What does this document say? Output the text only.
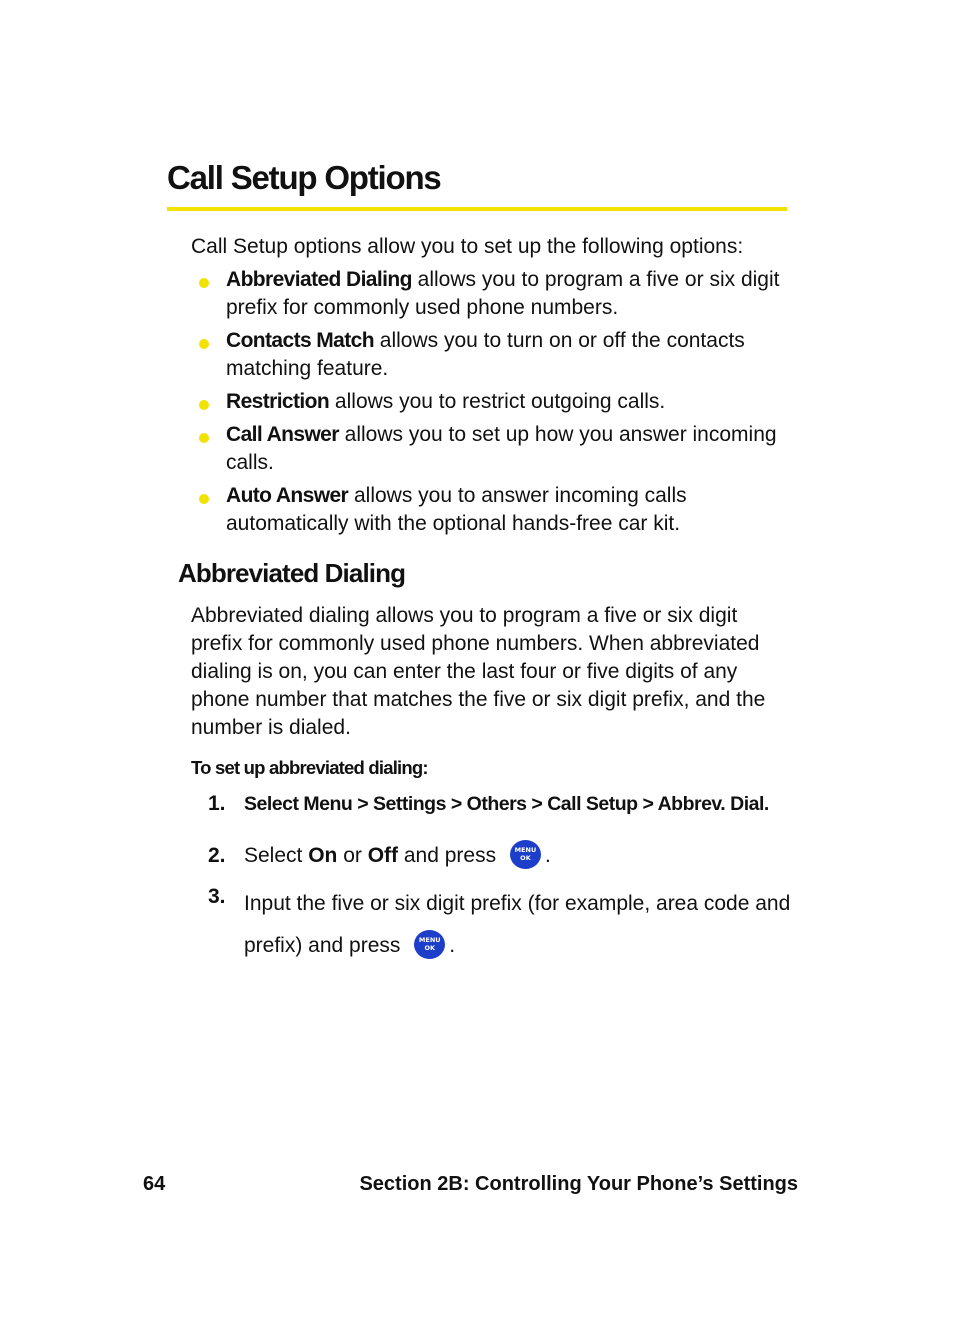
Call Setup Options

Call Setup options allow you to set up the following options:

Abbreviated Dialing allows you to program a five or six digit prefix for commonly used phone numbers.
Contacts Match allows you to turn on or off the contacts matching feature.
Restriction allows you to restrict outgoing calls.
Call Answer allows you to set up how you answer incoming calls.
Auto Answer allows you to answer incoming calls automatically with the optional hands-free car kit.
Abbreviated Dialing

Abbreviated dialing allows you to program a five or six digit prefix for commonly used phone numbers. When abbreviated dialing is on, you can enter the last four or five digits of any phone number that matches the five or six digit prefix, and the number is dialed.

To set up abbreviated dialing:

1. Select Menu > Settings > Others > Call Setup > Abbrev. Dial.
2. Select On or Off and press	MENU
OK .
3. Input the five or six digit prefix (for example, area code and prefix) and press	MENU
OK .

64	Section 2B: Controlling Your Phone’s Settings
